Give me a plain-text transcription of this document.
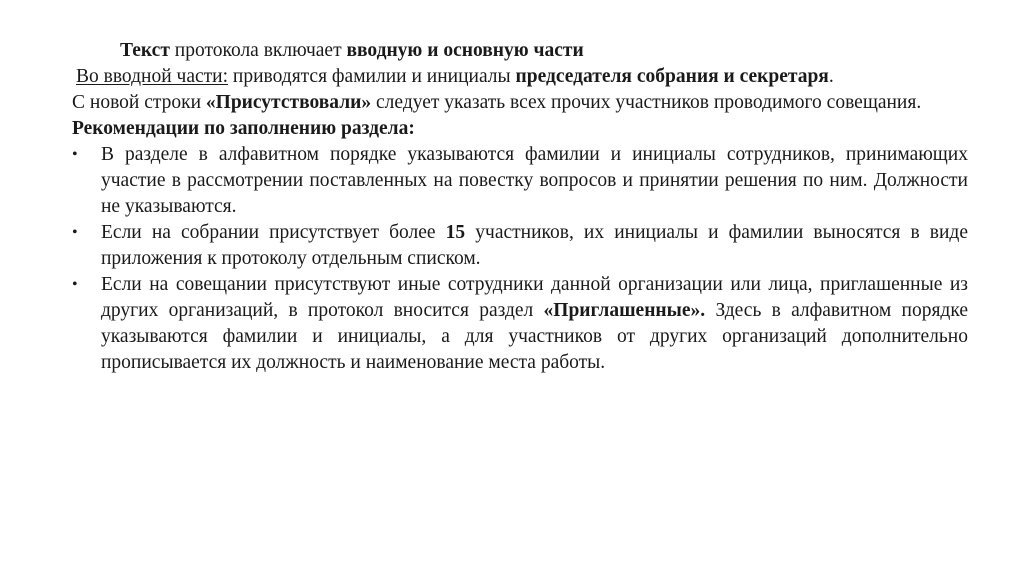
Текст протокола включает вводную и основную части

Во вводной части: приводятся фамилии и инициалы председателя собрания и секретаря.

С новой строки «Присутствовали» следует указать всех прочих участников проводимого совещания.

Рекомендации по заполнению раздела:

•	В разделе в алфавитном порядке указываются фамилии и инициалы сотрудников, принимающих участие в рассмотрении поставленных на повестку вопросов и принятии решения по ним. Должности не указываются.
•	Если на собрании присутствует более 15 участников, их инициалы и фамилии выносятся в виде приложения к протоколу отдельным списком.
•	Если на совещании присутствуют иные сотрудники данной организации или лица, приглашенные из других организаций, в протокол вносится раздел «Приглашенные». Здесь в алфавитном порядке указываются фамилии и инициалы, а для участников от других организаций дополнительно прописывается их должность и наименование места работы.
